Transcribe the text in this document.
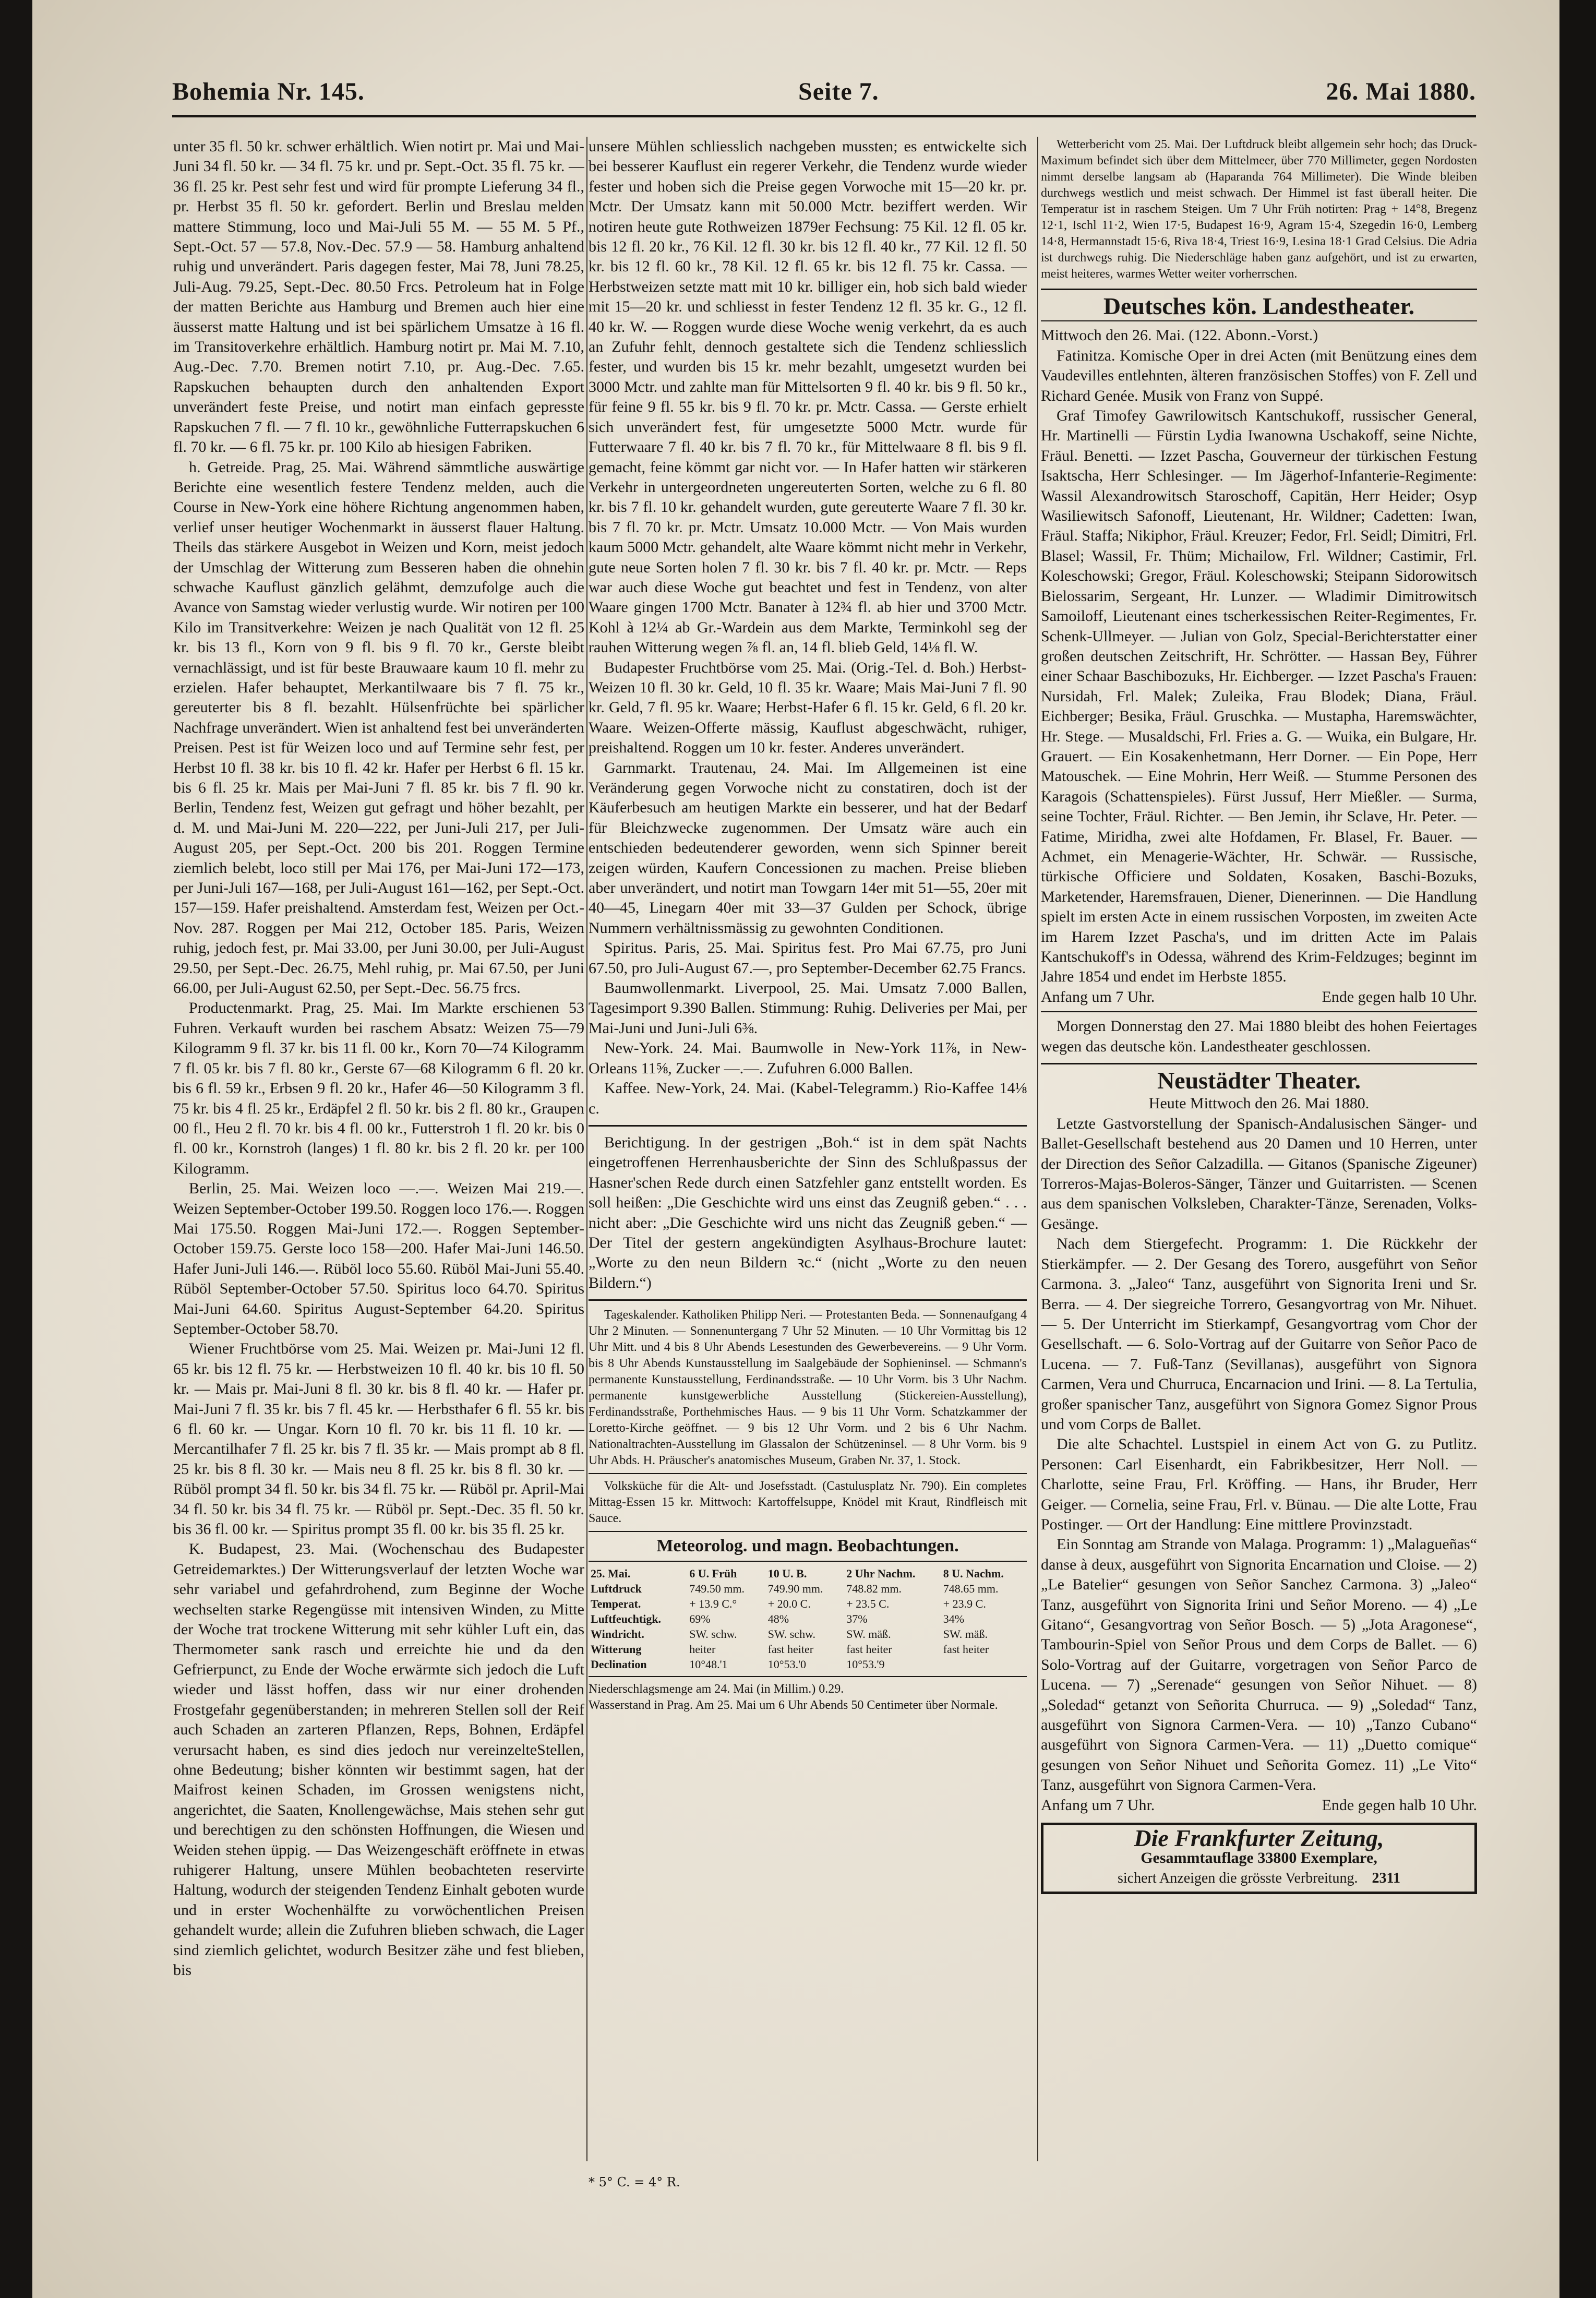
Bohemia Nr. 145.	Seite 7.	26. Mai 1880.

unter 35 fl. 50 kr. schwer erhältlich. Wien notirt pr. Mai und Mai-Juni 34 fl. 50 kr. — 34 fl. 75 kr. und pr. Sept.-Oct. 35 fl. 75 kr. — 36 fl. 25 kr. Pest sehr fest und wird für prompte Lieferung 34 fl., pr. Herbst 35 fl. 50 kr. gefordert. Berlin und Breslau melden mattere Stimmung, loco und Mai-Juli 55 M. — 55 M. 5 Pf., Sept.-Oct. 57 — 57.8, Nov.-Dec. 57.9 — 58. Hamburg anhaltend ruhig und unverändert. Paris dagegen fester, Mai 78, Juni 78.25, Juli-Aug. 79.25, Sept.-Dec. 80.50 Frcs. Petroleum hat in Folge der matten Berichte aus Hamburg und Bremen auch hier eine äusserst matte Haltung und ist bei spärlichem Umsatze à 16 fl. im Transitoverkehre erhältlich. Hamburg notirt pr. Mai M. 7.10, Aug.-Dec. 7.70. Bremen notirt 7.10, pr. Aug.-Dec. 7.65. Rapskuchen behaupten durch den anhaltenden Export unverändert feste Preise, und notirt man einfach gepresste Rapskuchen 7 fl. — 7 fl. 10 kr., gewöhnliche Futterrapskuchen 6 fl. 70 kr. — 6 fl. 75 kr. pr. 100 Kilo ab hiesigen Fabriken.

h. Getreide. Prag, 25. Mai. Während sämmtliche auswärtige Berichte eine wesentlich festere Tendenz melden, auch die Course in New-York eine höhere Richtung angenommen haben, verlief unser heutiger Wochenmarkt in äusserst flauer Haltung. Theils das stärkere Ausgebot in Weizen und Korn, meist jedoch der Umschlag der Witterung zum Besseren haben die ohnehin schwache Kauflust gänzlich gelähmt, demzufolge auch die Avance von Samstag wieder verlustig wurde. Wir notiren per 100 Kilo im Transitverkehre: Weizen je nach Qualität von 12 fl. 25 kr. bis 13 fl., Korn von 9 fl. bis 9 fl. 70 kr., Gerste bleibt vernachlässigt, und ist für beste Brauwaare kaum 10 fl. mehr zu erzielen. Hafer behauptet, Merkantilwaare bis 7 fl. 75 kr., gereuterter bis 8 fl. bezahlt. Hülsenfrüchte bei spärlicher Nachfrage unverändert. Wien ist anhaltend fest bei unveränderten Preisen. Pest ist für Weizen loco und auf Termine sehr fest, per Herbst 10 fl. 38 kr. bis 10 fl. 42 kr. Hafer per Herbst 6 fl. 15 kr. bis 6 fl. 25 kr. Mais per Mai-Juni 7 fl. 85 kr. bis 7 fl. 90 kr. Berlin, Tendenz fest, Weizen gut gefragt und höher bezahlt, per d. M. und Mai-Juni M. 220—222, per Juni-Juli 217, per Juli-August 205, per Sept.-Oct. 200 bis 201. Roggen Termine ziemlich belebt, loco still per Mai 176, per Mai-Juni 172—173, per Juni-Juli 167—168, per Juli-August 161—162, per Sept.-Oct. 157—159. Hafer preishaltend. Amsterdam fest, Weizen per Oct.-Nov. 287. Roggen per Mai 212, October 185. Paris, Weizen ruhig, jedoch fest, pr. Mai 33.00, per Juni 30.00, per Juli-August 29.50, per Sept.-Dec. 26.75, Mehl ruhig, pr. Mai 67.50, per Juni 66.00, per Juli-August 62.50, per Sept.-Dec. 56.75 frcs.

Productenmarkt. Prag, 25. Mai. Im Markte erschienen 53 Fuhren. Verkauft wurden bei raschem Absatz: Weizen 75—79 Kilogramm 9 fl. 37 kr. bis 11 fl. 00 kr., Korn 70—74 Kilogramm 7 fl. 05 kr. bis 7 fl. 80 kr., Gerste 67—68 Kilogramm 6 fl. 20 kr. bis 6 fl. 59 kr., Erbsen 9 fl. 20 kr., Hafer 46—50 Kilogramm 3 fl. 75 kr. bis 4 fl. 25 kr., Erdäpfel 2 fl. 50 kr. bis 2 fl. 80 kr., Graupen 00 fl., Heu 2 fl. 70 kr. bis 4 fl. 00 kr., Futterstroh 1 fl. 20 kr. bis 0 fl. 00 kr., Kornstroh (langes) 1 fl. 80 kr. bis 2 fl. 20 kr. per 100 Kilogramm.

Berlin, 25. Mai. Weizen loco —.—. Weizen Mai 219.—. Weizen September-October 199.50. Roggen loco 176.—. Roggen Mai 175.50. Roggen Mai-Juni 172.—. Roggen September-October 159.75. Gerste loco 158—200. Hafer Mai-Juni 146.50. Hafer Juni-Juli 146.—. Rüböl loco 55.60. Rüböl Mai-Juni 55.40. Rüböl September-October 57.50. Spiritus loco 64.70. Spiritus Mai-Juni 64.60. Spiritus August-September 64.20. Spiritus September-October 58.70.

Wiener Fruchtbörse vom 25. Mai. Weizen pr. Mai-Juni 12 fl. 65 kr. bis 12 fl. 75 kr. — Herbstweizen 10 fl. 40 kr. bis 10 fl. 50 kr. — Mais pr. Mai-Juni 8 fl. 30 kr. bis 8 fl. 40 kr. — Hafer pr. Mai-Juni 7 fl. 35 kr. bis 7 fl. 45 kr. — Herbsthafer 6 fl. 55 kr. bis 6 fl. 60 kr. — Ungar. Korn 10 fl. 70 kr. bis 11 fl. 10 kr. — Mercantilhafer 7 fl. 25 kr. bis 7 fl. 35 kr. — Mais prompt ab 8 fl. 25 kr. bis 8 fl. 30 kr. — Mais neu 8 fl. 25 kr. bis 8 fl. 30 kr. — Rüböl prompt 34 fl. 50 kr. bis 34 fl. 75 kr. — Rüböl pr. April-Mai 34 fl. 50 kr. bis 34 fl. 75 kr. — Rüböl pr. Sept.-Dec. 35 fl. 50 kr. bis 36 fl. 00 kr. — Spiritus prompt 35 fl. 00 kr. bis 35 fl. 25 kr.

K. Budapest, 23. Mai. (Wochenschau des Budapester Getreidemarktes.) Der Witterungsverlauf der letzten Woche war sehr variabel und gefahrdrohend, zum Beginne der Woche wechselten starke Regengüsse mit intensiven Winden, zu Mitte der Woche trat trockene Witterung mit sehr kühler Luft ein, das Thermometer sank rasch und erreichte hie und da den Gefrierpunct, zu Ende der Woche erwärmte sich jedoch die Luft wieder und lässt hoffen, dass wir nur einer drohenden Frostgefahr gegenüberstanden; in mehreren Stellen soll der Reif auch Schaden an zarteren Pflanzen, Reps, Bohnen, Erdäpfel verursacht haben, es sind dies jedoch nur vereinzelteStellen, ohne Bedeutung; bisher könnten wir bestimmt sagen, hat der Maifrost keinen Schaden, im Grossen wenigstens nicht, angerichtet, die Saaten, Knollengewächse, Mais stehen sehr gut und berechtigen zu den schönsten Hoffnungen, die Wiesen und Weiden stehen üppig. — Das Weizengeschäft eröffnete in etwas ruhigerer Haltung, unsere Mühlen beobachteten reservirte Haltung, wodurch der steigenden Tendenz Einhalt geboten wurde und in erster Wochenhälfte zu vorwöchentlichen Preisen gehandelt wurde; allein die Zufuhren blieben schwach, die Lager sind ziemlich gelichtet, wodurch Besitzer zähe und fest blieben, bis

unsere Mühlen schliesslich nachgeben mussten; es entwickelte sich bei besserer Kauflust ein regerer Verkehr, die Tendenz wurde wieder fester und hoben sich die Preise gegen Vorwoche mit 15—20 kr. pr. Mctr. Der Umsatz kann mit 50.000 Mctr. beziffert werden. Wir notiren heute gute Rothweizen 1879er Fechsung: 75 Kil. 12 fl. 05 kr. bis 12 fl. 20 kr., 76 Kil. 12 fl. 30 kr. bis 12 fl. 40 kr., 77 Kil. 12 fl. 50 kr. bis 12 fl. 60 kr., 78 Kil. 12 fl. 65 kr. bis 12 fl. 75 kr. Cassa. — Herbstweizen setzte matt mit 10 kr. billiger ein, hob sich bald wieder mit 15—20 kr. und schliesst in fester Tendenz 12 fl. 35 kr. G., 12 fl. 40 kr. W. — Roggen wurde diese Woche wenig verkehrt, da es auch an Zufuhr fehlt, dennoch gestaltete sich die Tendenz schliesslich fester, und wurden bis 15 kr. mehr bezahlt, umgesetzt wurden bei 3000 Mctr. und zahlte man für Mittelsorten 9 fl. 40 kr. bis 9 fl. 50 kr., für feine 9 fl. 55 kr. bis 9 fl. 70 kr. pr. Mctr. Cassa. — Gerste erhielt sich unverändert fest, für umgesetzte 5000 Mctr. wurde für Futterwaare 7 fl. 40 kr. bis 7 fl. 70 kr., für Mittelwaare 8 fl. bis 9 fl. gemacht, feine kömmt gar nicht vor. — In Hafer hatten wir stärkeren Verkehr in untergeordneten ungereuterten Sorten, welche zu 6 fl. 80 kr. bis 7 fl. 10 kr. gehandelt wurden, gute gereuterte Waare 7 fl. 30 kr. bis 7 fl. 70 kr. pr. Mctr. Umsatz 10.000 Mctr. — Von Mais wurden kaum 5000 Mctr. gehandelt, alte Waare kömmt nicht mehr in Verkehr, gute neue Sorten holen 7 fl. 30 kr. bis 7 fl. 40 kr. pr. Mctr. — Reps war auch diese Woche gut beachtet und fest in Tendenz, von alter Waare gingen 1700 Mctr. Banater à 12¾ fl. ab hier und 3700 Mctr. Kohl à 12¼ ab Gr.-Wardein aus dem Markte, Terminkohl seg der rauhen Witterung wegen ⅞ fl. an, 14 fl. blieb Geld, 14⅛ fl. W.

Budapester Fruchtbörse vom 25. Mai. (Orig.-Tel. d. Boh.) Herbst-Weizen 10 fl. 30 kr. Geld, 10 fl. 35 kr. Waare; Mais Mai-Juni 7 fl. 90 kr. Geld, 7 fl. 95 kr. Waare; Herbst-Hafer 6 fl. 15 kr. Geld, 6 fl. 20 kr. Waare. Weizen-Offerte mässig, Kauflust abgeschwächt, ruhiger, preishaltend. Roggen um 10 kr. fester. Anderes unverändert.

Garnmarkt. Trautenau, 24. Mai. Im Allgemeinen ist eine Veränderung gegen Vorwoche nicht zu constatiren, doch ist der Käuferbesuch am heutigen Markte ein besserer, und hat der Bedarf für Bleichzwecke zugenommen. Der Umsatz wäre auch ein entschieden bedeutenderer geworden, wenn sich Spinner bereit zeigen würden, Kaufern Concessionen zu machen. Preise blieben aber unverändert, und notirt man Towgarn 14er mit 51—55, 20er mit 40—45, Linegarn 40er mit 33—37 Gulden per Schock, übrige Nummern verhältnissmässig zu gewohnten Conditionen.

Spiritus. Paris, 25. Mai. Spiritus fest. Pro Mai 67.75, pro Juni 67.50, pro Juli-August 67.—, pro September-December 62.75 Francs.

Baumwollenmarkt. Liverpool, 25. Mai. Umsatz 7.000 Ballen, Tagesimport 9.390 Ballen. Stimmung: Ruhig. Deliveries per Mai, per Mai-Juni und Juni-Juli 6⅜.

New-York. 24. Mai. Baumwolle in New-York 11⅞, in New-Orleans 11⅝, Zucker —.—. Zufuhren 6.000 Ballen.

Kaffee. New-York, 24. Mai. (Kabel-Telegramm.) Rio-Kaffee 14⅛ c.

Berichtigung. In der gestrigen „Boh.“ ist in dem spät Nachts eingetroffenen Herrenhausberichte der Sinn des Schlußpassus der Hasner'schen Rede durch einen Satzfehler ganz entstellt worden. Es soll heißen: „Die Geschichte wird uns einst das Zeugniß geben.“ . . . nicht aber: „Die Geschichte wird uns nicht das Zeugniß geben.“ — Der Titel der gestern angekündigten Asylhaus-Brochure lautet: „Worte zu den neun Bildern ꝛc.“ (nicht „Worte zu den neuen Bildern.“)

Tageskalender. Katholiken Philipp Neri. — Protestanten Beda. — Sonnenaufgang 4 Uhr 2 Minuten. — Sonnenuntergang 7 Uhr 52 Minuten. — 10 Uhr Vormittag bis 12 Uhr Mitt. und 4 bis 8 Uhr Abends Lesestunden des Gewerbevereins. — 9 Uhr Vorm. bis 8 Uhr Abends Kunstausstellung im Saalgebäude der Sophieninsel. — Schmann's permanente Kunstausstellung, Ferdinandsstraße. — 10 Uhr Vorm. bis 3 Uhr Nachm. permanente kunstgewerbliche Ausstellung (Stickereien-Ausstellung), Ferdinandsstraße, Porthehmisches Haus. — 9 bis 11 Uhr Vorm. Schatzkammer der Loretto-Kirche geöffnet. — 9 bis 12 Uhr Vorm. und 2 bis 6 Uhr Nachm. Nationaltrachten-Ausstellung im Glassalon der Schützeninsel. — 8 Uhr Vorm. bis 9 Uhr Abds. H. Präuscher's anatomisches Museum, Graben Nr. 37, 1. Stock.

Volksküche für die Alt- und Josefsstadt. (Castulusplatz Nr. 790). Ein completes Mittag-Essen 15 kr. Mittwoch: Kartoffelsuppe, Knödel mit Kraut, Rindfleisch mit Sauce.

Meteorolog. und magn. Beobachtungen.
25. Mai.	6 U. Früh	10 U. B.	2 Uhr Nachm.	8 U. Nachm.
Luftdruck	749.50 mm.	749.90 mm.	748.82 mm.	748.65 mm.
Temperat.	+ 13.9 C.°	+ 20.0 C.	+ 23.5 C.	+ 23.9 C.
Luftfeuchtigk.	69%	48%	37%	34%
Windricht.	SW. schw.	SW. schw.	SW. mäß.	SW. mäß.
Witterung	heiter	fast heiter	fast heiter	fast heiter
Declination	10°48.'1	10°53.'0	10°53.'9	

Niederschlagsmenge am 24. Mai (in Millim.) 0.29.

Wasserstand in Prag. Am 25. Mai um 6 Uhr Abends 50 Centimeter über Normale.

* 5° C. = 4° R.

Wetterbericht vom 25. Mai. Der Luftdruck bleibt allgemein sehr hoch; das Druck-Maximum befindet sich über dem Mittelmeer, über 770 Millimeter, gegen Nordosten nimmt derselbe langsam ab (Haparanda 764 Millimeter). Die Winde bleiben durchwegs westlich und meist schwach. Der Himmel ist fast überall heiter. Die Temperatur ist in raschem Steigen. Um 7 Uhr Früh notirten: Prag + 14°8, Bregenz 12·1, Ischl 11·2, Wien 17·5, Budapest 16·9, Agram 15·4, Szegedin 16·0, Lemberg 14·8, Hermannstadt 15·6, Riva 18·4, Triest 16·9, Lesina 18·1 Grad Celsius. Die Adria ist durchwegs ruhig. Die Niederschläge haben ganz aufgehört, und ist zu erwarten, meist heiteres, warmes Wetter weiter vorherrschen.

Deutsches kön. Landestheater.

Mittwoch den 26. Mai. (122. Abonn.-Vorst.)

Fatinitza. Komische Oper in drei Acten (mit Benützung eines dem Vaudevilles entlehnten, älteren französischen Stoffes) von F. Zell und Richard Genée. Musik von Franz von Suppé.

Graf Timofey Gawrilowitsch Kantschukoff, russischer General, Hr. Martinelli — Fürstin Lydia Iwanowna Uschakoff, seine Nichte, Fräul. Benetti. — Izzet Pascha, Gouverneur der türkischen Festung Isaktscha, Herr Schlesinger. — Im Jägerhof-Infanterie-Regimente: Wassil Alexandrowitsch Staroschoff, Capitän, Herr Heider; Osyp Wasiliewitsch Safonoff, Lieutenant, Hr. Wildner; Cadetten: Iwan, Fräul. Staffa; Nikiphor, Fräul. Kreuzer; Fedor, Frl. Seidl; Dimitri, Frl. Blasel; Wassil, Fr. Thüm; Michailow, Frl. Wildner; Castimir, Frl. Koleschowski; Gregor, Fräul. Koleschowski; Steipann Sidorowitsch Bielossarim, Sergeant, Hr. Lunzer. — Wladimir Dimitrowitsch Samoiloff, Lieutenant eines tscherkessischen Reiter-Regimentes, Fr. Schenk-Ullmeyer. — Julian von Golz, Special-Berichterstatter einer großen deutschen Zeitschrift, Hr. Schrötter. — Hassan Bey, Führer einer Schaar Baschibozuks, Hr. Eichberger. — Izzet Pascha's Frauen: Nursidah, Frl. Malek; Zuleika, Frau Blodek; Diana, Fräul. Eichberger; Besika, Fräul. Gruschka. — Mustapha, Haremswächter, Hr. Stege. — Musaldschi, Frl. Fries a. G. — Wuika, ein Bulgare, Hr. Grauert. — Ein Kosakenhetmann, Herr Dorner. — Ein Pope, Herr Matouschek. — Eine Mohrin, Herr Weiß. — Stumme Personen des Karagois (Schattenspieles). Fürst Jussuf, Herr Mießler. — Surma, seine Tochter, Fräul. Richter. — Ben Jemin, ihr Sclave, Hr. Peter. — Fatime, Miridha, zwei alte Hofdamen, Fr. Blasel, Fr. Bauer. — Achmet, ein Menagerie-Wächter, Hr. Schwär. — Russische, türkische Officiere und Soldaten, Kosaken, Baschi-Bozuks, Marketender, Haremsfrauen, Diener, Dienerinnen. — Die Handlung spielt im ersten Acte in einem russischen Vorposten, im zweiten Acte im Harem Izzet Pascha's, und im dritten Acte im Palais Kantschukoff's in Odessa, während des Krim-Feldzuges; beginnt im Jahre 1854 und endet im Herbste 1855.

Anfang um 7 Uhr.	Ende gegen halb 10 Uhr.

Morgen Donnerstag den 27. Mai 1880 bleibt des hohen Feiertages wegen das deutsche kön. Landestheater geschlossen.

Neustädter Theater.

Heute Mittwoch den 26. Mai 1880.

Letzte Gastvorstellung der Spanisch-Andalusischen Sänger- und Ballet-Gesellschaft bestehend aus 20 Damen und 10 Herren, unter der Direction des Señor Calzadilla. — Gitanos (Spanische Zigeuner) Torreros-Majas-Boleros-Sänger, Tänzer und Guitarristen. — Scenen aus dem spanischen Volksleben, Charakter-Tänze, Serenaden, Volks-Gesänge.

Nach dem Stiergefecht. Programm: 1. Die Rückkehr der Stierkämpfer. — 2. Der Gesang des Torero, ausgeführt von Señor Carmona. 3. „Jaleo“ Tanz, ausgeführt von Signorita Ireni und Sr. Berra. — 4. Der siegreiche Torrero, Gesangvortrag von Mr. Nihuet. — 5. Der Unterricht im Stierkampf, Gesangvortrag vom Chor der Gesellschaft. — 6. Solo-Vortrag auf der Guitarre von Señor Paco de Lucena. — 7. Fuß-Tanz (Sevillanas), ausgeführt von Signora Carmen, Vera und Churruca, Encarnacion und Irini. — 8. La Tertulia, großer spanischer Tanz, ausgeführt von Signora Gomez Signor Prous und vom Corps de Ballet.

Die alte Schachtel. Lustspiel in einem Act von G. zu Putlitz. Personen: Carl Eisenhardt, ein Fabrikbesitzer, Herr Noll. — Charlotte, seine Frau, Frl. Kröffing. — Hans, ihr Bruder, Herr Geiger. — Cornelia, seine Frau, Frl. v. Bünau. — Die alte Lotte, Frau Postinger. — Ort der Handlung: Eine mittlere Provinzstadt.

Ein Sonntag am Strande von Malaga. Programm: 1) „Malagueñas“ danse à deux, ausgeführt von Signorita Encarnation und Cloise. — 2) „Le Batelier“ gesungen von Señor Sanchez Carmona. 3) „Jaleo“ Tanz, ausgeführt von Signorita Irini und Señor Moreno. — 4) „Le Gitano“, Gesangvortrag von Señor Bosch. — 5) „Jota Aragonese“, Tambourin-Spiel von Señor Prous und dem Corps de Ballet. — 6) Solo-Vortrag auf der Guitarre, vorgetragen von Señor Parco de Lucena. — 7) „Serenade“ gesungen von Señor Nihuet. — 8) „Soledad“ getanzt von Señorita Churruca. — 9) „Soledad“ Tanz, ausgeführt von Signora Carmen-Vera. — 10) „Tanzo Cubano“ ausgeführt von Signora Carmen-Vera. — 11) „Duetto comique“ gesungen von Señor Nihuet und Señorita Gomez. 11) „Le Vito“ Tanz, ausgeführt von Signora Carmen-Vera.

Anfang um 7 Uhr.	Ende gegen halb 10 Uhr.

Die Frankfurter Zeitung,
Gesammtauflage 33800 Exemplare,
sichert Anzeigen die grösste Verbreitung. 2311
